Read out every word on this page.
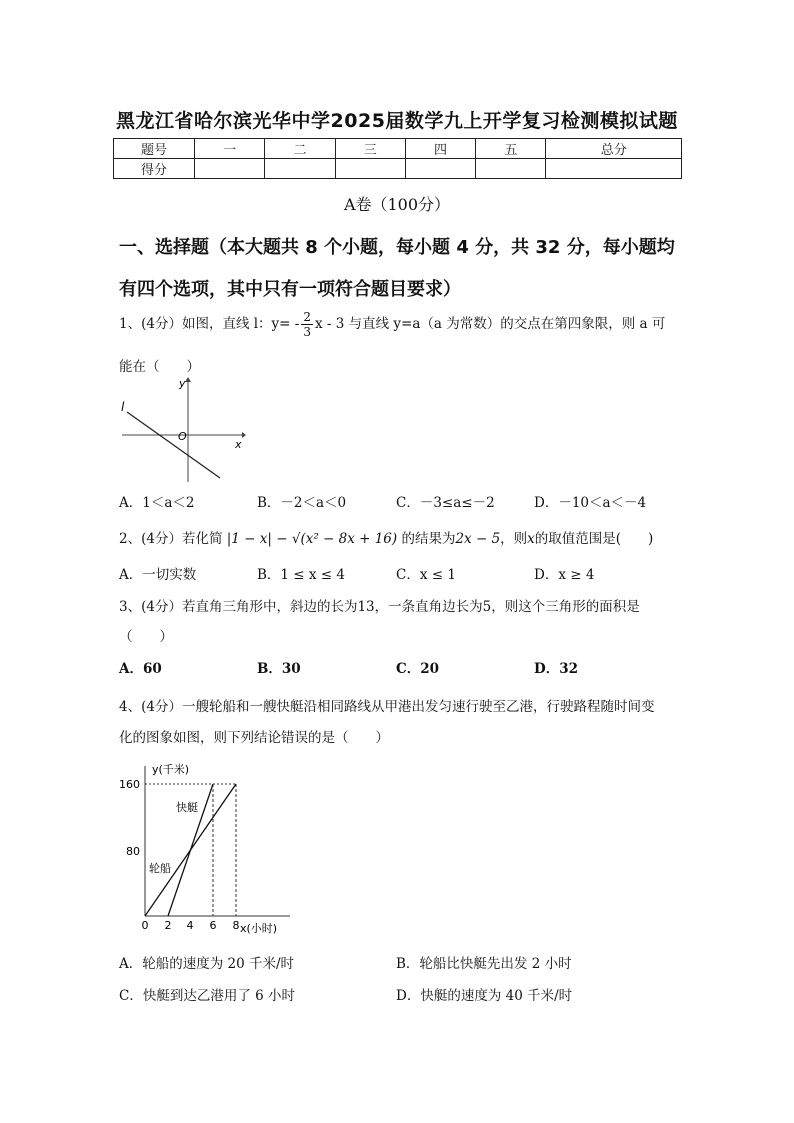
黑龙江省哈尔滨光华中学2025届数学九上开学复习检测模拟试题
题号	一	二	三	四	五	总分
得分						
A卷（100分）
一、选择题（本大题共 8 个小题，每小题 4 分，共 32 分，每小题均
有四个选项，其中只有一项符合题目要求）
1、(4分）如图，直线 l：$y= - \frac{2}{3}$ x - 3 与直线 y=a（a 为常数）的交点在第四象限，则 a 可
能在（　　）
l
O
x
y
A．1＜a＜2	B．－2＜a＜0	C．－3≤a≤－2	D．－10＜a＜－4
2、(4分）若化简 |1 − x| − √(x² − 8x + 16) 的结果为2x − 5，则x的取值范围是(　　)
A．一切实数	B．1 ≤ x ≤ 4	C．x ≤ 1	D．x ≥ 4
3、(4分）若直角三角形中，斜边的长为13，一条直角边长为5，则这个三角形的面积是
（　　）
A．60	B．30	C．20	D．32
4、(4分）一艘轮船和一艘快艇沿相同路线从甲港出发匀速行驶至乙港，行驶路程随时间变
化的图象如图，则下列结论错误的是（　　）
y(千米)
x(小时)
160
80
0 2 4 6 8
快艇
轮船
A．轮船的速度为 20 千米/时	B．轮船比快艇先出发 2 小时
C．快艇到达乙港用了 6 小时	D．快艇的速度为 40 千米/时
